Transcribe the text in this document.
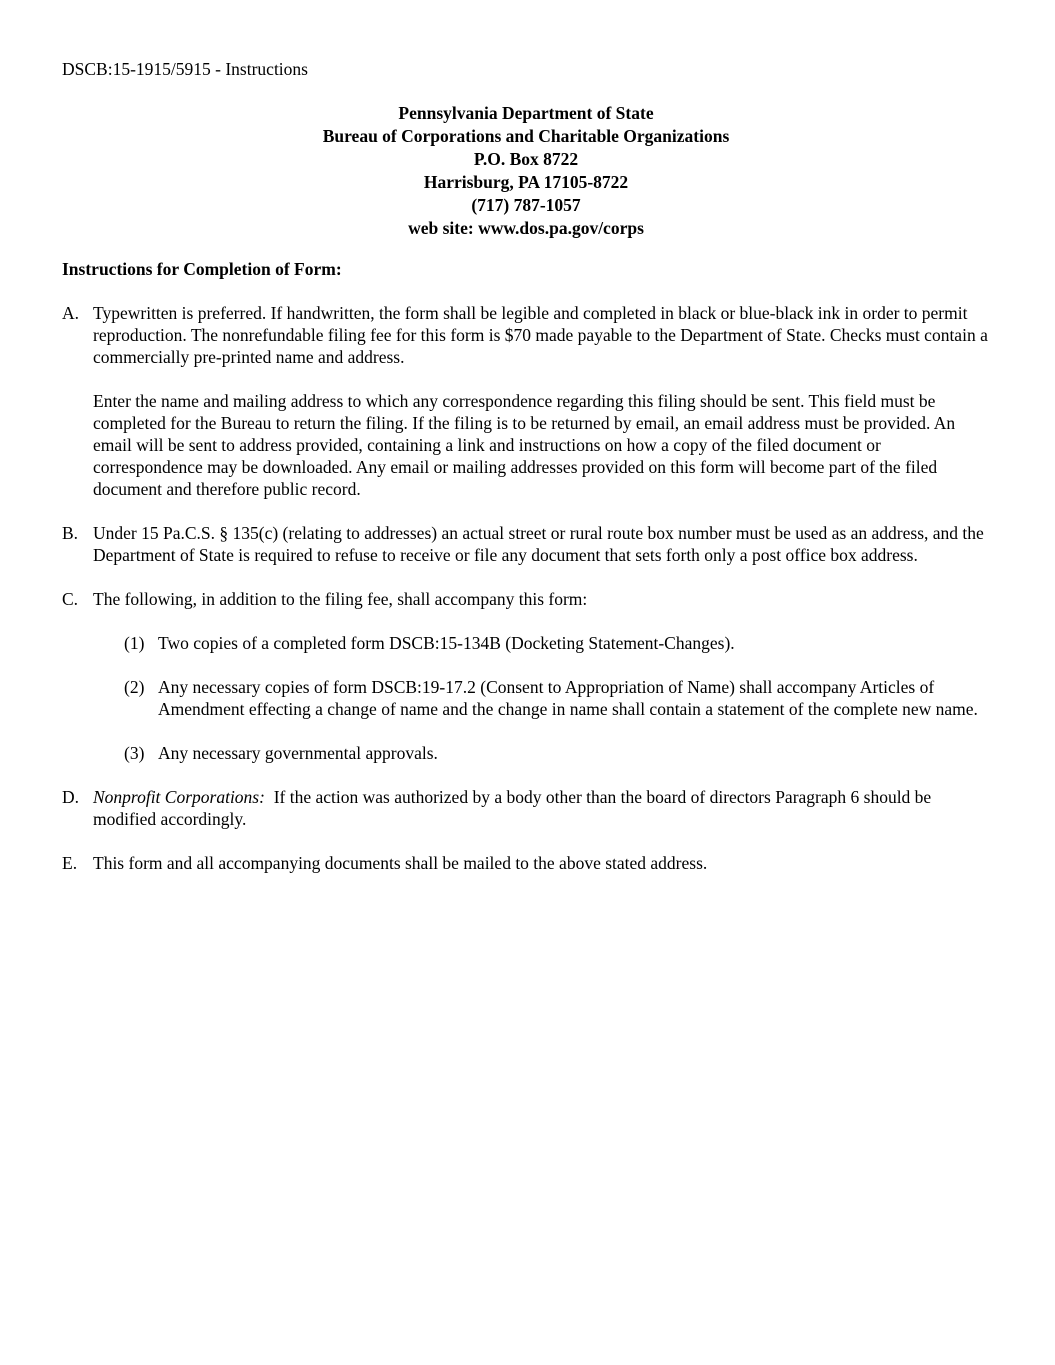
DSCB:15-1915/5915 - Instructions
Pennsylvania Department of State
Bureau of Corporations and Charitable Organizations
P.O. Box 8722
Harrisburg, PA 17105-8722
(717) 787-1057
web site: www.dos.pa.gov/corps
Instructions for Completion of Form:
A. Typewritten is preferred. If handwritten, the form shall be legible and completed in black or blue-black ink in order to permit reproduction. The nonrefundable filing fee for this form is $70 made payable to the Department of State. Checks must contain a commercially pre-printed name and address.

Enter the name and mailing address to which any correspondence regarding this filing should be sent. This field must be completed for the Bureau to return the filing. If the filing is to be returned by email, an email address must be provided. An email will be sent to address provided, containing a link and instructions on how a copy of the filed document or correspondence may be downloaded. Any email or mailing addresses provided on this form will become part of the filed document and therefore public record.

B. Under 15 Pa.C.S. § 135(c) (relating to addresses) an actual street or rural route box number must be used as an address, and the Department of State is required to refuse to receive or file any document that sets forth only a post office box address.

C. The following, in addition to the filing fee, shall accompany this form:

(1) Two copies of a completed form DSCB:15-134B (Docketing Statement-Changes).
(2) Any necessary copies of form DSCB:19-17.2 (Consent to Appropriation of Name) shall accompany Articles of Amendment effecting a change of name and the change in name shall contain a statement of the complete new name.
(3) Any necessary governmental approvals.
D. Nonprofit Corporations: If the action was authorized by a body other than the board of directors Paragraph 6 should be modified accordingly.

E. This form and all accompanying documents shall be mailed to the above stated address.
